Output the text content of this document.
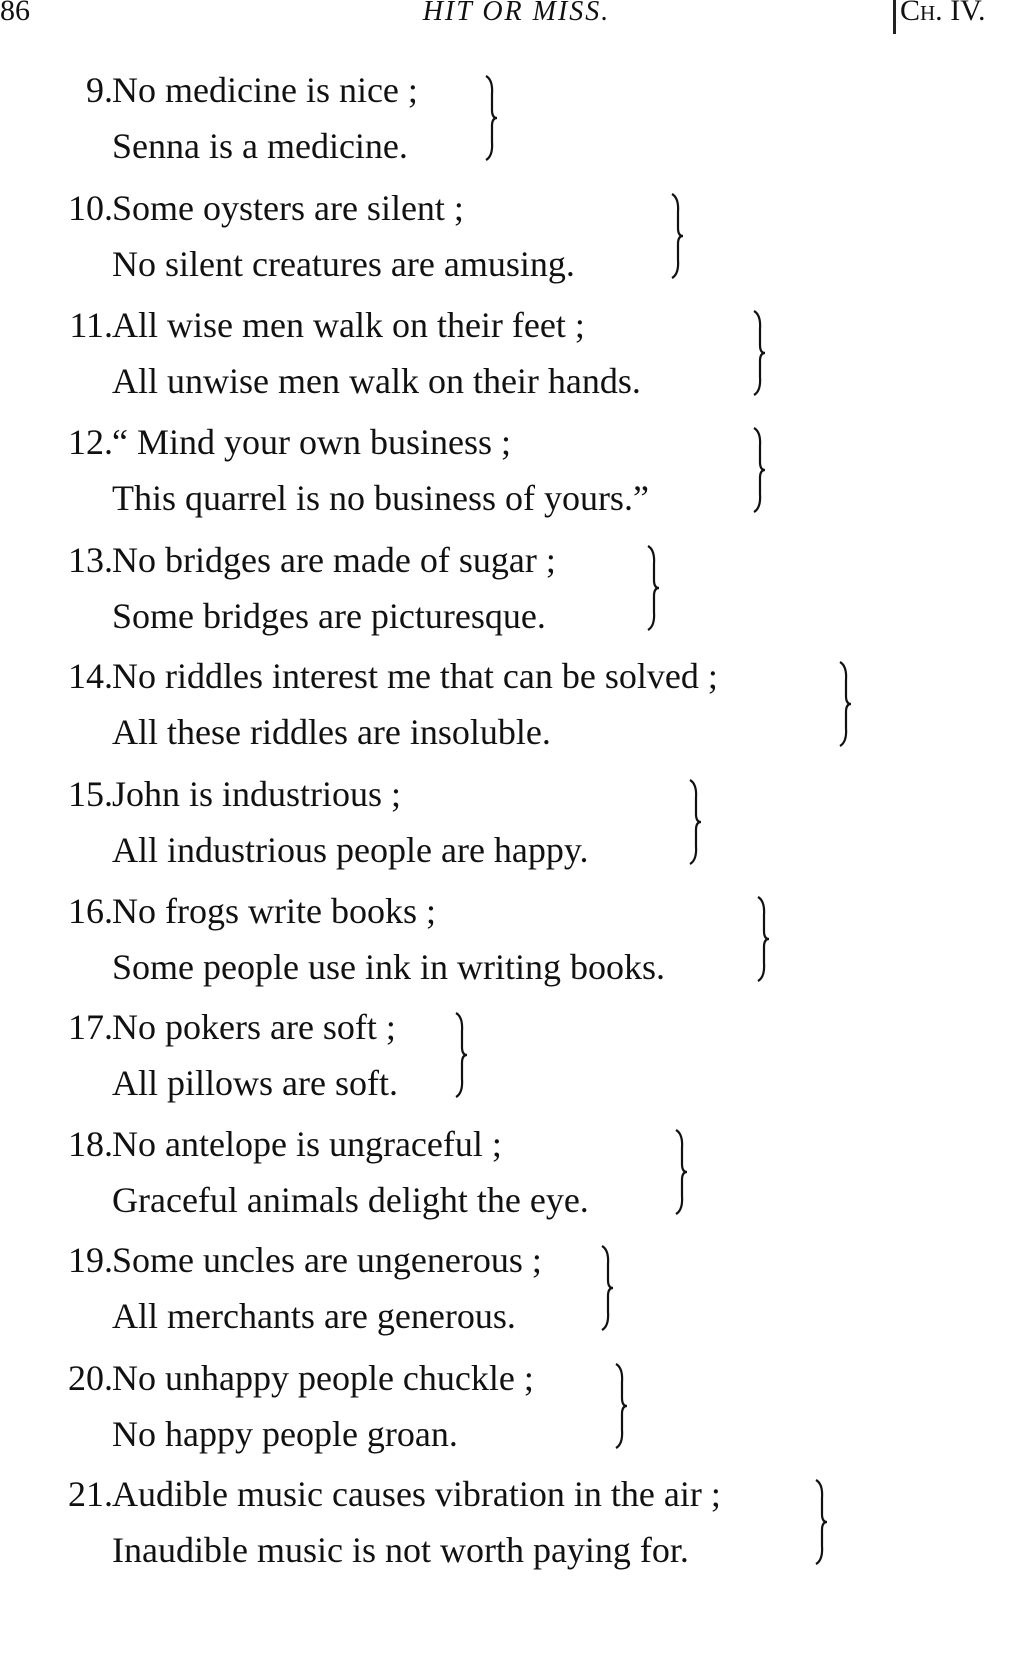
86	HIT OR MISS.	Ch. IV.
9. No medicine is nice ;
Senna is a medicine.
10. Some oysters are silent ;
No silent creatures are amusing.
11. All wise men walk on their feet ;
All unwise men walk on their hands.
12. “ Mind your own business ;
This quarrel is no business of yours.”
13. No bridges are made of sugar ;
Some bridges are picturesque.
14. No riddles interest me that can be solved ;
All these riddles are insoluble.
15. John is industrious ;
All industrious people are happy.
16. No frogs write books ;
Some people use ink in writing books.
17. No pokers are soft ;
All pillows are soft.
18. No antelope is ungraceful ;
Graceful animals delight the eye.
19. Some uncles are ungenerous ;
All merchants are generous.
20. No unhappy people chuckle ;
No happy people groan.
21. Audible music causes vibration in the air ;
Inaudible music is not worth paying for.
